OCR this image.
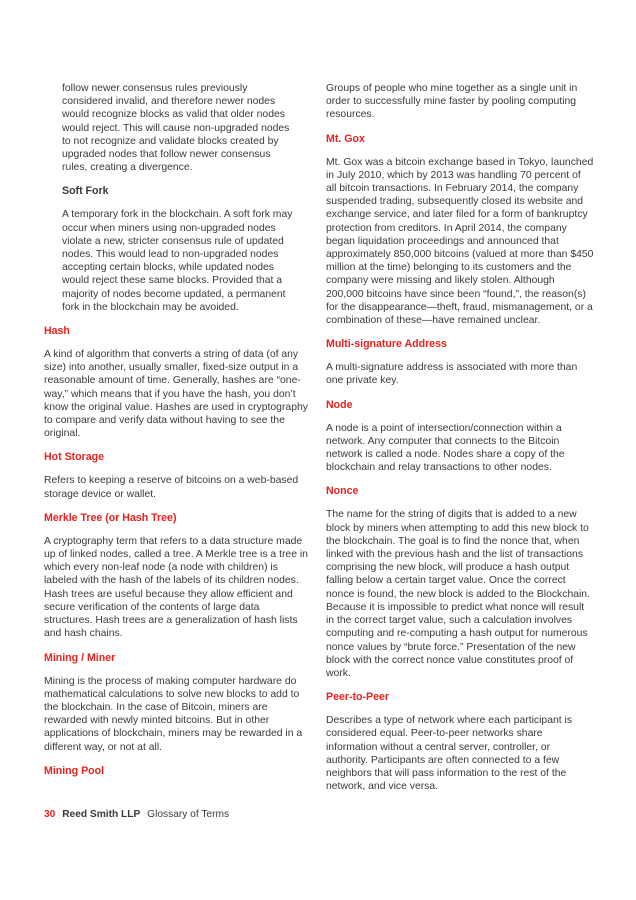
follow newer consensus rules previously considered invalid, and therefore newer nodes would recognize blocks as valid that older nodes would reject. This will cause non-upgraded nodes to not recognize and validate blocks created by upgraded nodes that follow newer consensus rules, creating a divergence.

Soft Fork

A temporary fork in the blockchain. A soft fork may occur when miners using non-upgraded nodes violate a new, stricter consensus rule of updated nodes. This would lead to non-upgraded nodes accepting certain blocks, while updated nodes would reject these same blocks. Provided that a majority of nodes become updated, a permanent fork in the blockchain may be avoided.

Hash

A kind of algorithm that converts a string of data (of any size) into another, usually smaller, fixed-size output in a reasonable amount of time. Generally, hashes are “one-way,” which means that if you have the hash, you don’t know the original value. Hashes are used in cryptography to compare and verify data without having to see the original.

Hot Storage

Refers to keeping a reserve of bitcoins on a web-based storage device or wallet.

Merkle Tree (or Hash Tree)

A cryptography term that refers to a data structure made up of linked nodes, called a tree. A Merkle tree is a tree in which every non-leaf node (a node with children) is labeled with the hash of the labels of its children nodes. Hash trees are useful because they allow efficient and secure verification of the contents of large data structures. Hash trees are a generalization of hash lists and hash chains.

Mining / Miner

Mining is the process of making computer hardware do mathematical calculations to solve new blocks to add to the blockchain. In the case of Bitcoin, miners are rewarded with newly minted bitcoins. But in other applications of blockchain, miners may be rewarded in a different way, or not at all.

Mining Pool

Groups of people who mine together as a single unit in order to successfully mine faster by pooling computing resources.

Mt. Gox

Mt. Gox was a bitcoin exchange based in Tokyo, launched in July 2010, which by 2013 was handling 70 percent of all bitcoin transactions. In February 2014, the company suspended trading, subsequently closed its website and exchange service, and later filed for a form of bankruptcy protection from creditors. In April 2014, the company began liquidation proceedings and announced that approximately 850,000 bitcoins (valued at more than $450 million at the time) belonging to its customers and the company were missing and likely stolen. Although 200,000 bitcoins have since been “found,”, the reason(s) for the disappearance—theft, fraud, mismanagement, or a combination of these—have remained unclear.

Multi-signature Address

A multi-signature address is associated with more than one private key.

Node

A node is a point of intersection/connection within a network. Any computer that connects to the Bitcoin network is called a node. Nodes share a copy of the blockchain and relay transactions to other nodes.

Nonce

The name for the string of digits that is added to a new block by miners when attempting to add this new block to the blockchain. The goal is to find the nonce that, when linked with the previous hash and the list of transactions comprising the new block, will produce a hash output falling below a certain target value. Once the correct nonce is found, the new block is added to the Blockchain. Because it is impossible to predict what nonce will result in the correct target value, such a calculation involves computing and re-computing a hash output for numerous nonce values by “brute force.” Presentation of the new block with the correct nonce value constitutes proof of work.

Peer-to-Peer

Describes a type of network where each participant is considered equal. Peer-to-peer networks share information without a central server, controller, or authority. Participants are often connected to a few neighbors that will pass information to the rest of the network, and vice versa.

30 Reed Smith LLP Glossary of Terms
